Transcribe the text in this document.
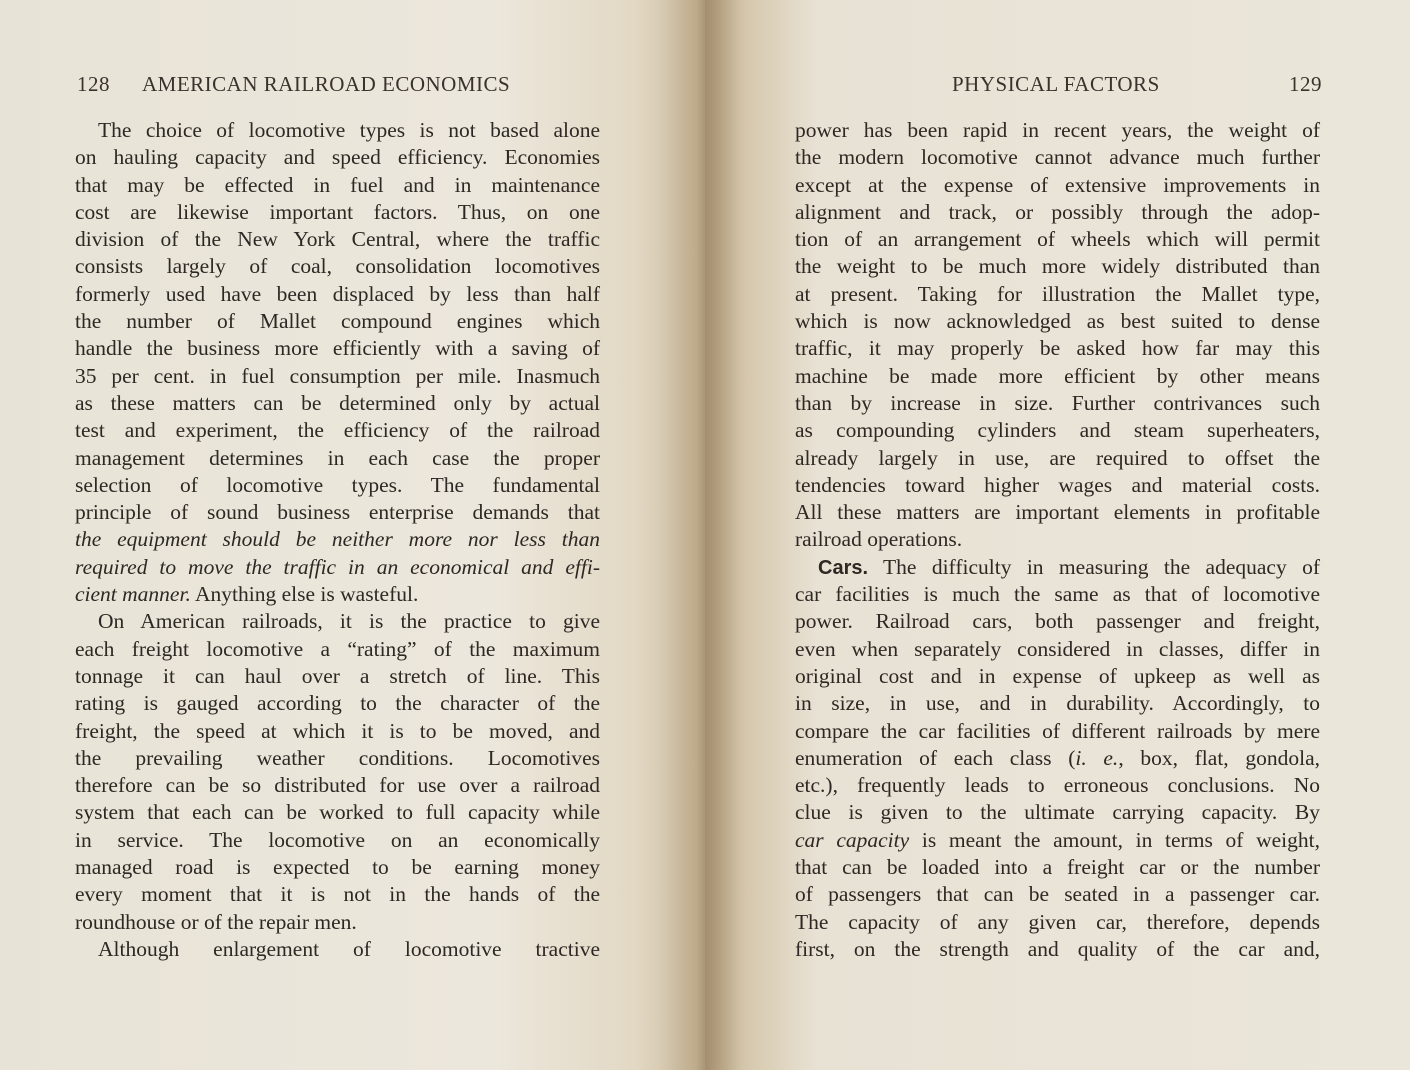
128 AMERICAN RAILROAD ECONOMICS
The choice of locomotive types is not based alone
on hauling capacity and speed efficiency. Economies
that may be effected in fuel and in maintenance
cost are likewise important factors. Thus, on one
division of the New York Central, where the traffic
consists largely of coal, consolidation locomotives
formerly used have been displaced by less than half
the number of Mallet compound engines which
handle the business more efficiently with a saving of
35 per cent. in fuel consumption per mile. Inasmuch
as these matters can be determined only by actual
test and experiment, the efficiency of the railroad
management determines in each case the proper
selection of locomotive types. The fundamental
principle of sound business enterprise demands that
the equipment should be neither more nor less than
required to move the traffic in an economical and effi-
cient manner. Anything else is wasteful.
On American railroads, it is the practice to give
each freight locomotive a “rating” of the maximum
tonnage it can haul over a stretch of line. This
rating is gauged according to the character of the
freight, the speed at which it is to be moved, and
the prevailing weather conditions. Locomotives
therefore can be so distributed for use over a railroad
system that each can be worked to full capacity while
in service. The locomotive on an economically
managed road is expected to be earning money
every moment that it is not in the hands of the
roundhouse or of the repair men.
Although enlargement of locomotive tractive
PHYSICAL FACTORS	129
power has been rapid in recent years, the weight of
the modern locomotive cannot advance much further
except at the expense of extensive improvements in
alignment and track, or possibly through the adop-
tion of an arrangement of wheels which will permit
the weight to be much more widely distributed than
at present. Taking for illustration the Mallet type,
which is now acknowledged as best suited to dense
traffic, it may properly be asked how far may this
machine be made more efficient by other means
than by increase in size. Further contrivances such
as compounding cylinders and steam superheaters,
already largely in use, are required to offset the
tendencies toward higher wages and material costs.
All these matters are important elements in profitable
railroad operations.
Cars. The difficulty in measuring the adequacy of
car facilities is much the same as that of locomotive
power. Railroad cars, both passenger and freight,
even when separately considered in classes, differ in
original cost and in expense of upkeep as well as
in size, in use, and in durability. Accordingly, to
compare the car facilities of different railroads by mere
enumeration of each class (i. e., box, flat, gondola,
etc.), frequently leads to erroneous conclusions. No
clue is given to the ultimate carrying capacity. By
car capacity is meant the amount, in terms of weight,
that can be loaded into a freight car or the number
of passengers that can be seated in a passenger car.
The capacity of any given car, therefore, depends
first, on the strength and quality of the car and,
